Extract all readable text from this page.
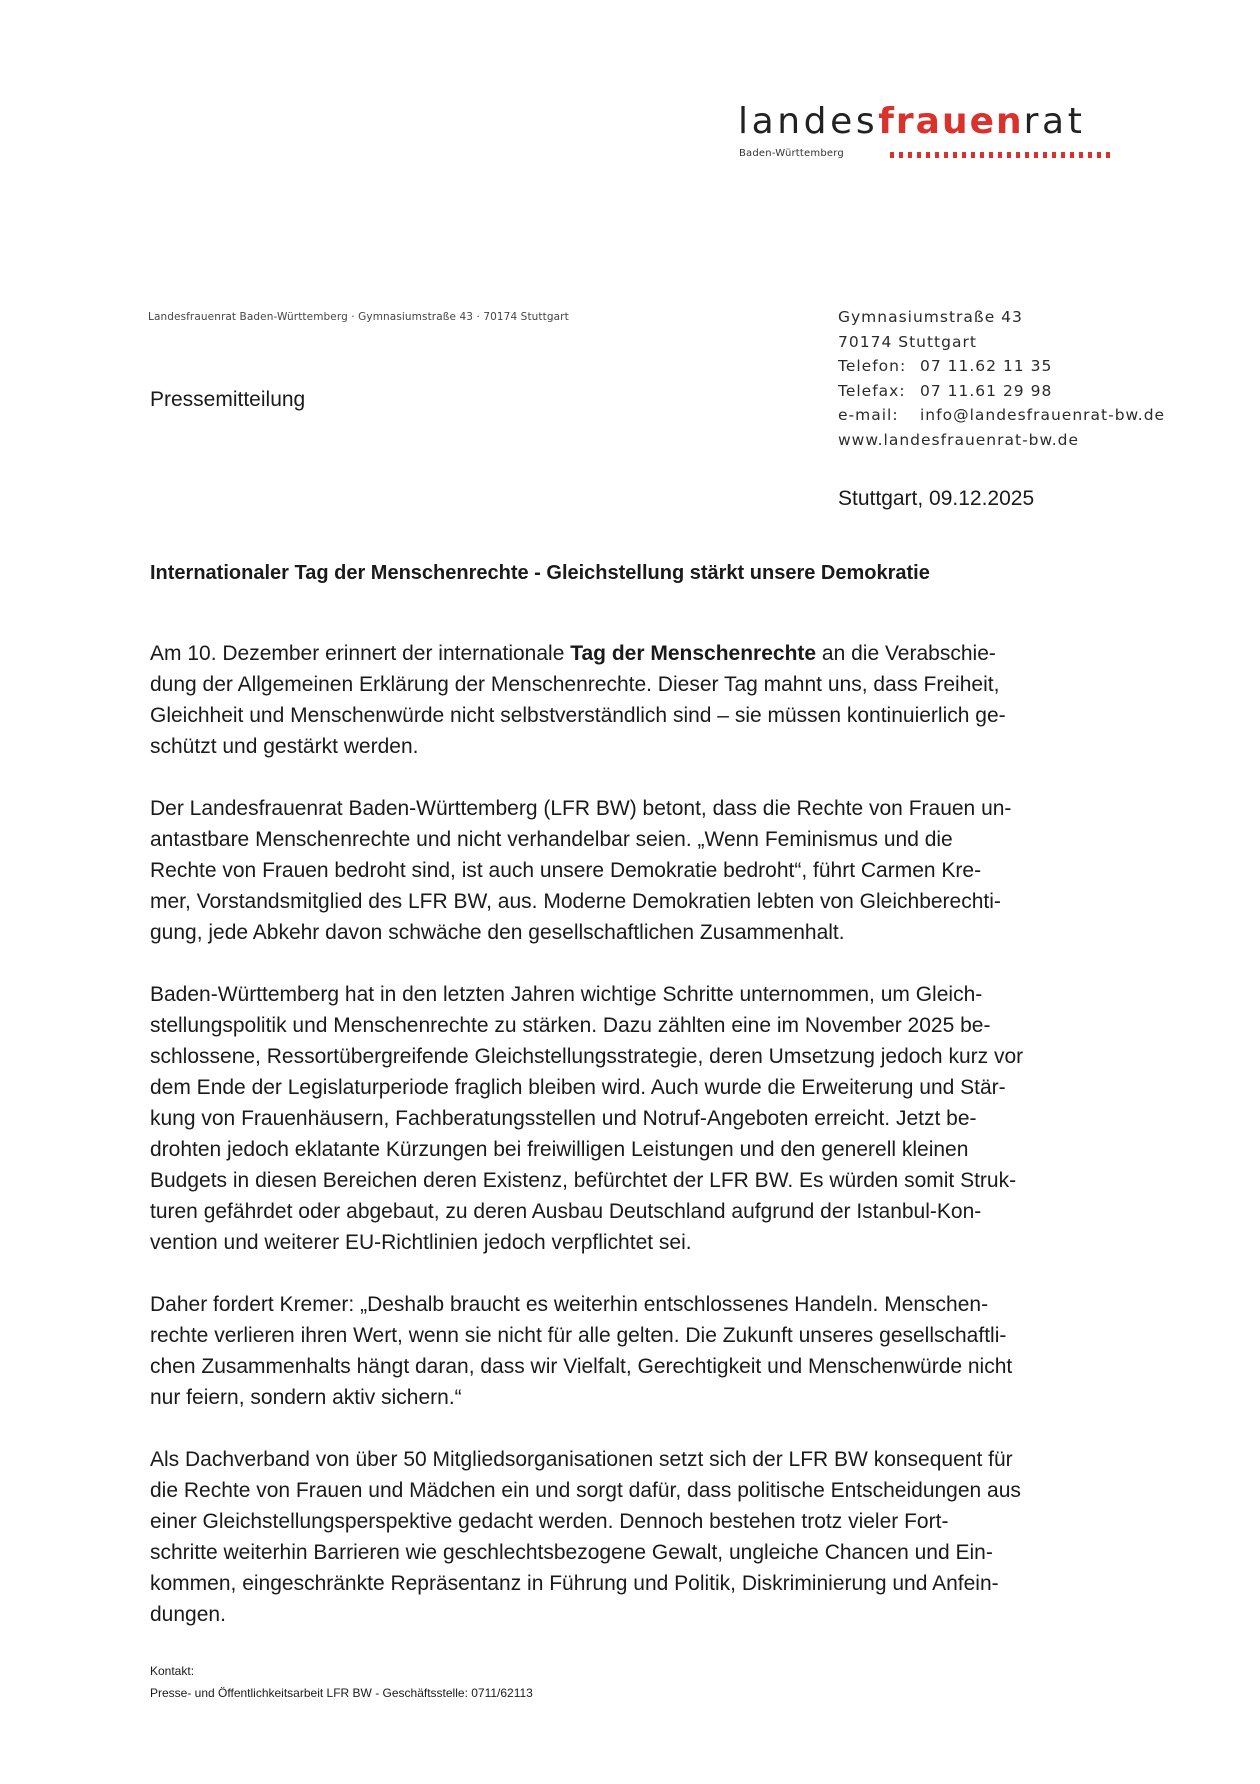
landesfrauenrat
Baden-Württemberg
Landesfrauenrat Baden-Württemberg · Gymnasiumstraße 43 · 70174 Stuttgart	Gymnasiumstraße 43
70174 Stuttgart
Telefon: 07 11.62 11 35
Telefax: 07 11.61 29 98
e-mail: info@landesfrauenrat-bw.de
www.landesfrauenrat-bw.de
Pressemitteilung
Stuttgart, 09.12.2025
Internationaler Tag der Menschenrechte - Gleichstellung stärkt unsere Demokratie

Am 10. Dezember erinnert der internationale Tag der Menschenrechte an die Verabschie-
dung der Allgemeinen Erklärung der Menschenrechte. Dieser Tag mahnt uns, dass Freiheit,
Gleichheit und Menschenwürde nicht selbstverständlich sind – sie müssen kontinuierlich ge-
schützt und gestärkt werden.

Der Landesfrauenrat Baden-Württemberg (LFR BW) betont, dass die Rechte von Frauen un-
antastbare Menschenrechte und nicht verhandelbar seien. „Wenn Feminismus und die
Rechte von Frauen bedroht sind, ist auch unsere Demokratie bedroht“, führt Carmen Kre-
mer, Vorstandsmitglied des LFR BW, aus. Moderne Demokratien lebten von Gleichberechti-
gung, jede Abkehr davon schwäche den gesellschaftlichen Zusammenhalt.

Baden-Württemberg hat in den letzten Jahren wichtige Schritte unternommen, um Gleich-
stellungspolitik und Menschenrechte zu stärken. Dazu zählten eine im November 2025 be-
schlossene, Ressortübergreifende Gleichstellungsstrategie, deren Umsetzung jedoch kurz vor
dem Ende der Legislaturperiode fraglich bleiben wird. Auch wurde die Erweiterung und Stär-
kung von Frauenhäusern, Fachberatungsstellen und Notruf-Angeboten erreicht. Jetzt be-
drohten jedoch eklatante Kürzungen bei freiwilligen Leistungen und den generell kleinen
Budgets in diesen Bereichen deren Existenz, befürchtet der LFR BW. Es würden somit Struk-
turen gefährdet oder abgebaut, zu deren Ausbau Deutschland aufgrund der Istanbul-Kon-
vention und weiterer EU-Richtlinien jedoch verpflichtet sei.

Daher fordert Kremer: „Deshalb braucht es weiterhin entschlossenes Handeln. Menschen-
rechte verlieren ihren Wert, wenn sie nicht für alle gelten. Die Zukunft unseres gesellschaftli-
chen Zusammenhalts hängt daran, dass wir Vielfalt, Gerechtigkeit und Menschenwürde nicht
nur feiern, sondern aktiv sichern.“

Als Dachverband von über 50 Mitgliedsorganisationen setzt sich der LFR BW konsequent für
die Rechte von Frauen und Mädchen ein und sorgt dafür, dass politische Entscheidungen aus
einer Gleichstellungsperspektive gedacht werden. Dennoch bestehen trotz vieler Fort-
schritte weiterhin Barrieren wie geschlechtsbezogene Gewalt, ungleiche Chancen und Ein-
kommen, eingeschränkte Repräsentanz in Führung und Politik, Diskriminierung und Anfein-
dungen.

Kontakt:
Presse- und Öffentlichkeitsarbeit LFR BW - Geschäftsstelle: 0711/62113
